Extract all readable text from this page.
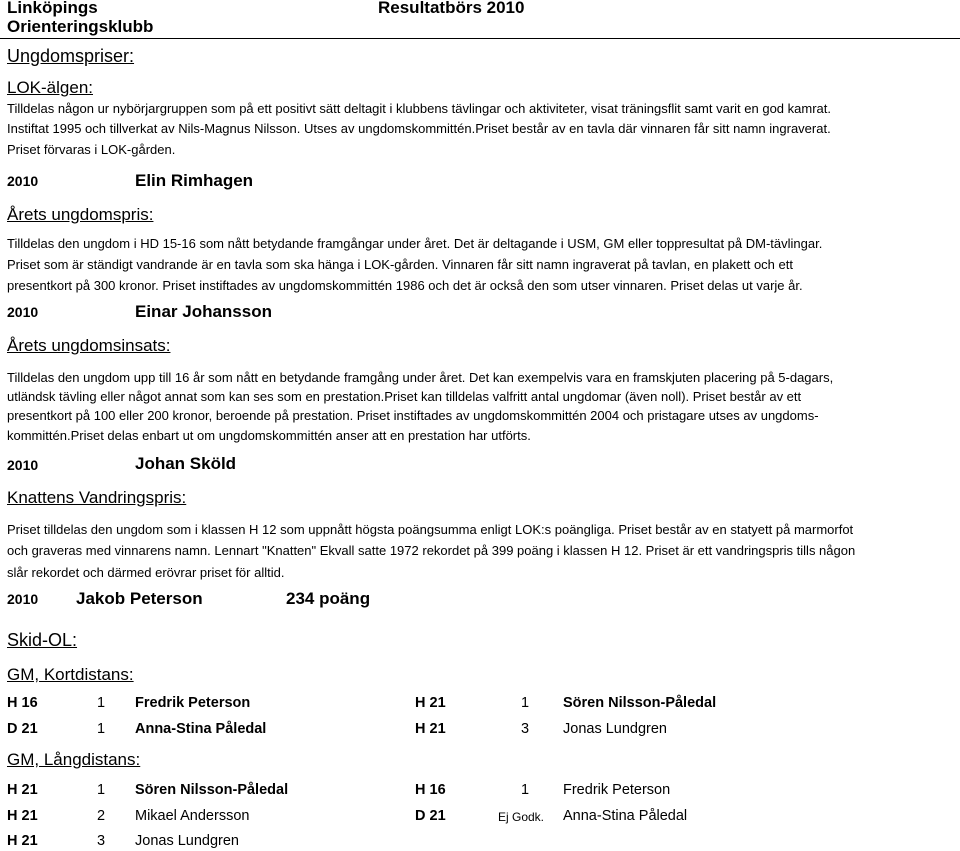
Linköpings
Orienteringsklubb
Resultatbörs 2010
Ungdomspriser:
LOK-älgen:
Tilldelas någon ur nybörjargruppen som på ett positivt sätt deltagit i klubbens tävlingar och aktiviteter, visat träningsflit samt varit en god kamrat.
Instiftat 1995 och tillverkat av Nils-Magnus Nilsson. Utses av ungdomskommittén.Priset består av en tavla där vinnaren får sitt namn ingraverat.
Priset förvaras i LOK-gården.
2010	Elin Rimhagen
Årets ungdomspris:
Tilldelas den ungdom i HD 15-16 som nått betydande framgångar under året. Det är deltagande i USM, GM eller toppresultat på DM-tävlingar.
Priset som är ständigt vandrande är en tavla som ska hänga i LOK-gården. Vinnaren får sitt namn ingraverat på tavlan, en plakett och ett
presentkort på 300 kronor. Priset instiftades av ungdomskommittén 1986 och det är också den som utser vinnaren. Priset delas ut varje år.
2010	Einar Johansson
Årets ungdomsinsats:
Tilldelas den ungdom upp till 16 år som nått en betydande framgång under året. Det kan exempelvis vara en framskjuten placering på 5-dagars,
utländsk tävling eller något annat som kan ses som en prestation.Priset kan tilldelas valfritt antal ungdomar (även noll). Priset består av ett
presentkort på 100 eller 200 kronor, beroende på prestation. Priset instiftades av ungdomskommittén 2004 och pristagare utses av ungdoms-
kommittén.Priset delas enbart ut om ungdomskommittén anser att en prestation har utförts.
2010	Johan Sköld
Knattens Vandringspris:
Priset tilldelas den ungdom som i klassen H 12 som uppnått högsta poängsumma enligt LOK:s poängliga. Priset består av en statyett på marmorfot
och graveras med vinnarens namn. Lennart "Knatten" Ekvall satte 1972 rekordet på 399 poäng i klassen H 12. Priset är ett vandringspris tills någon
slår rekordet och därmed erövrar priset för alltid.
2010 Jakob Peterson	234 poäng
Skid-OL:
GM, Kortdistans:
H 16	1 Fredrik Peterson	H 21	1 Sören Nilsson-Påledal
D 21	1 Anna-Stina Påledal	H 21	3 Jonas Lundgren
GM, Långdistans:
H 21	1 Sören Nilsson-Påledal	H 16	1 Fredrik Peterson
H 21	2 Mikael Andersson	D 21	Ej Godk. Anna-Stina Påledal
H 21	3 Jonas Lundgren
